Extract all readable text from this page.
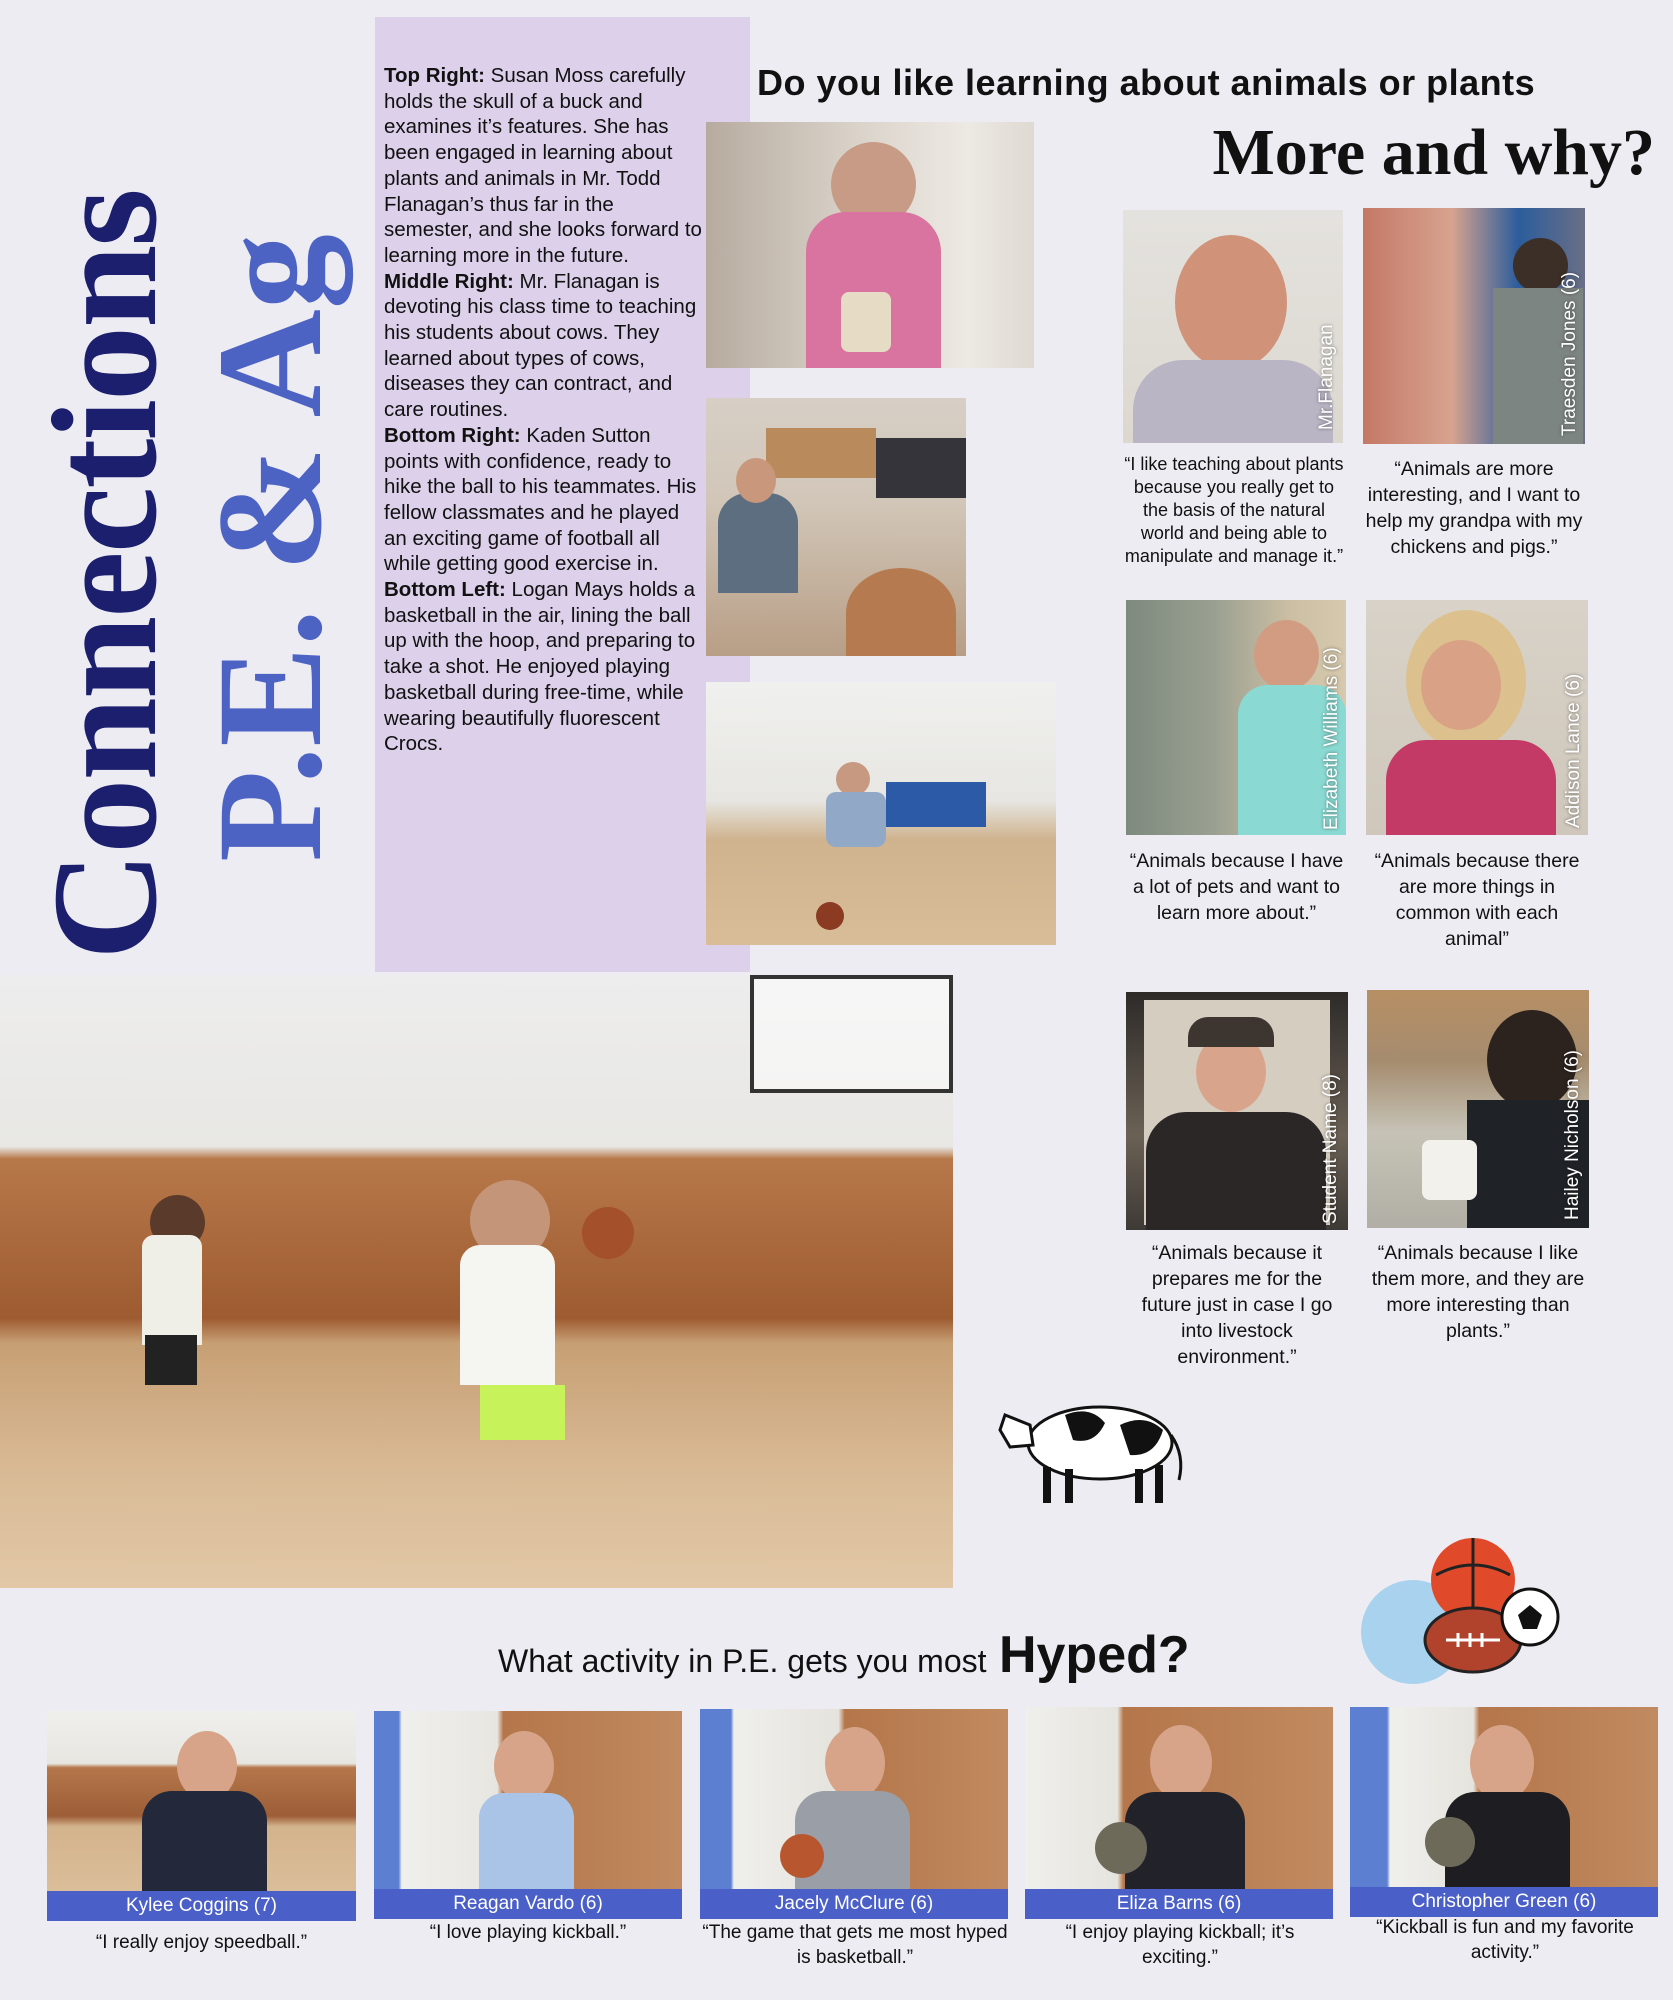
Connections P.E. & Ag
Top Right: Susan Moss carefully holds the skull of a buck and examines it’s features. She has been engaged in learning about plants and animals in Mr. Todd Flanagan’s thus far in the semester, and she looks forward to learning more in the future.
Middle Right: Mr. Flanagan is devoting his class time to teaching his students about cows. They learned about types of cows, diseases they can contract, and care routines.
Bottom Right: Kaden Sutton points with confidence, ready to hike the ball to his teammates. His fellow classmates and he played an exciting game of football all while getting good exercise in.
Bottom Left: Logan Mays holds a basketball in the air, lining the ball up with the hoop, and preparing to take a shot. He enjoyed playing basketball during free-time, while wearing beautifully fluorescent Crocs.
Do you like learning about animals or plants
More and why?
Mr.Flanagan
“I like teaching about plants because you really get to the basis of the natural world and being able to manipulate and manage it.”
Traesden Jones (6)
“Animals are more interesting, and I want to help my grandpa with my chickens and pigs.”
Elizabeth Williams (6)
“Animals because I have a lot of pets and want to learn more about.”
Addison Lance (6)
“Animals because there are more things in common with each animal”
Student Name (8)
“Animals because it prepares me for the future just in case I go into livestock environment.”
Hailey Nicholson (6)
“Animals because I like them more, and they are more interesting than plants.”
What activity in P.E. gets you most Hyped?
Kylee Coggins (7)
“I really enjoy speedball.”
Reagan Vardo (6)
“I love playing kickball.”
Jacely McClure (6)
“The game that gets me most hyped is basketball.”
Eliza Barns (6)
“I enjoy playing kickball; it’s exciting.”
Christopher Green (6)
“Kickball is fun and my favorite activity.”
